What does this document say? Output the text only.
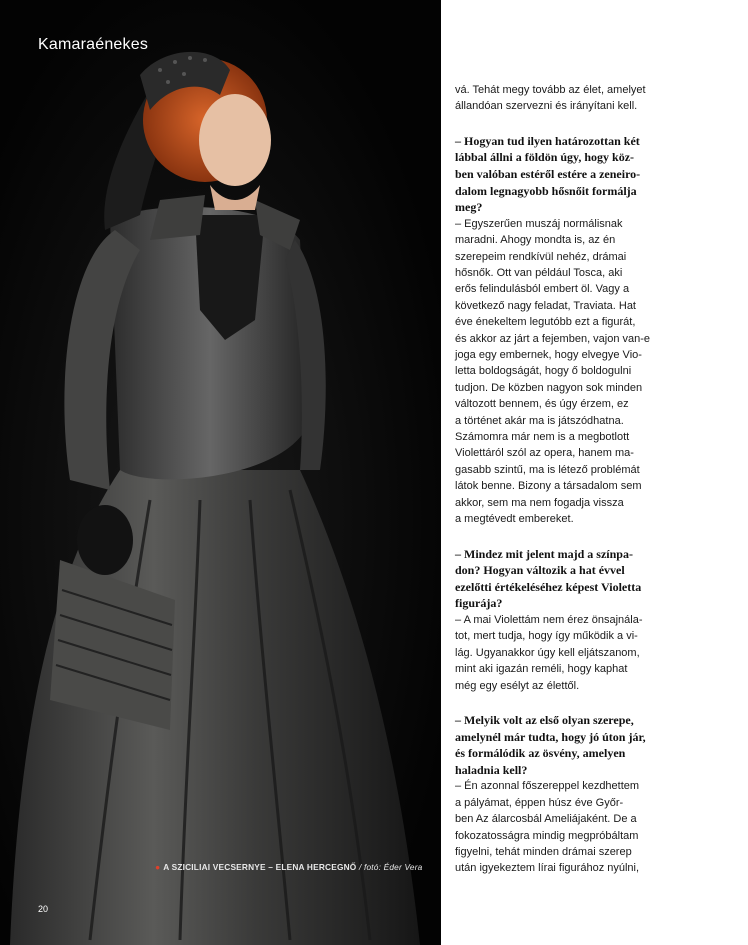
Kamaraénekes
● A SZICILIAI VECSERNYE – ELENA HERCEGNŐ / fotó: Éder Vera
20

vá. Tehát megy tovább az élet, amelyet

állandóan szervezni és irányítani kell.

– Hogyan tud ilyen határozottan két

lábbal állni a földön úgy, hogy köz-

ben valóban estéről estére a zeneiro-

dalom legnagyobb hősnőit formálja

meg?

– Egyszerűen muszáj normálisnak

maradni. Ahogy mondta is, az én

szerepeim rendkívül nehéz, drámai

hősnők. Ott van például Tosca, aki

erős felindulásból embert öl. Vagy a

következő nagy feladat, Traviata. Hat

éve énekeltem legutóbb ezt a figurát,

és akkor az járt a fejemben, vajon van-e

joga egy embernek, hogy elvegye Vio-

letta boldogságát, hogy ő boldogulni

tudjon. De közben nagyon sok minden

változott bennem, és úgy érzem, ez

a történet akár ma is játszódhatna.

Számomra már nem is a megbotlott

Violettáról szól az opera, hanem ma-

gasabb szintű, ma is létező problémát

látok benne. Bizony a társadalom sem

akkor, sem ma nem fogadja vissza

a megtévedt embereket.

– Mindez mit jelent majd a színpa-

don? Hogyan változik a hat évvel

ezelőtti értékeléséhez képest Violetta

figurája?

– A mai Violettám nem érez önsajnála-

tot, mert tudja, hogy így működik a vi-

lág. Ugyanakkor úgy kell eljátszanom,

mint aki igazán reméli, hogy kaphat

még egy esélyt az élettől.

– Melyik volt az első olyan szerepe,

amelynél már tudta, hogy jó úton jár,

és formálódik az ösvény, amelyen

haladnia kell?

– Én azonnal főszereppel kezdhettem

a pályámat, éppen húsz éve Győr-

ben Az álarcosbál Ameliájaként. De a

fokozatosságra mindig megpróbáltam

figyelni, tehát minden drámai szerep

után igyekeztem lírai figurához nyúlni,
